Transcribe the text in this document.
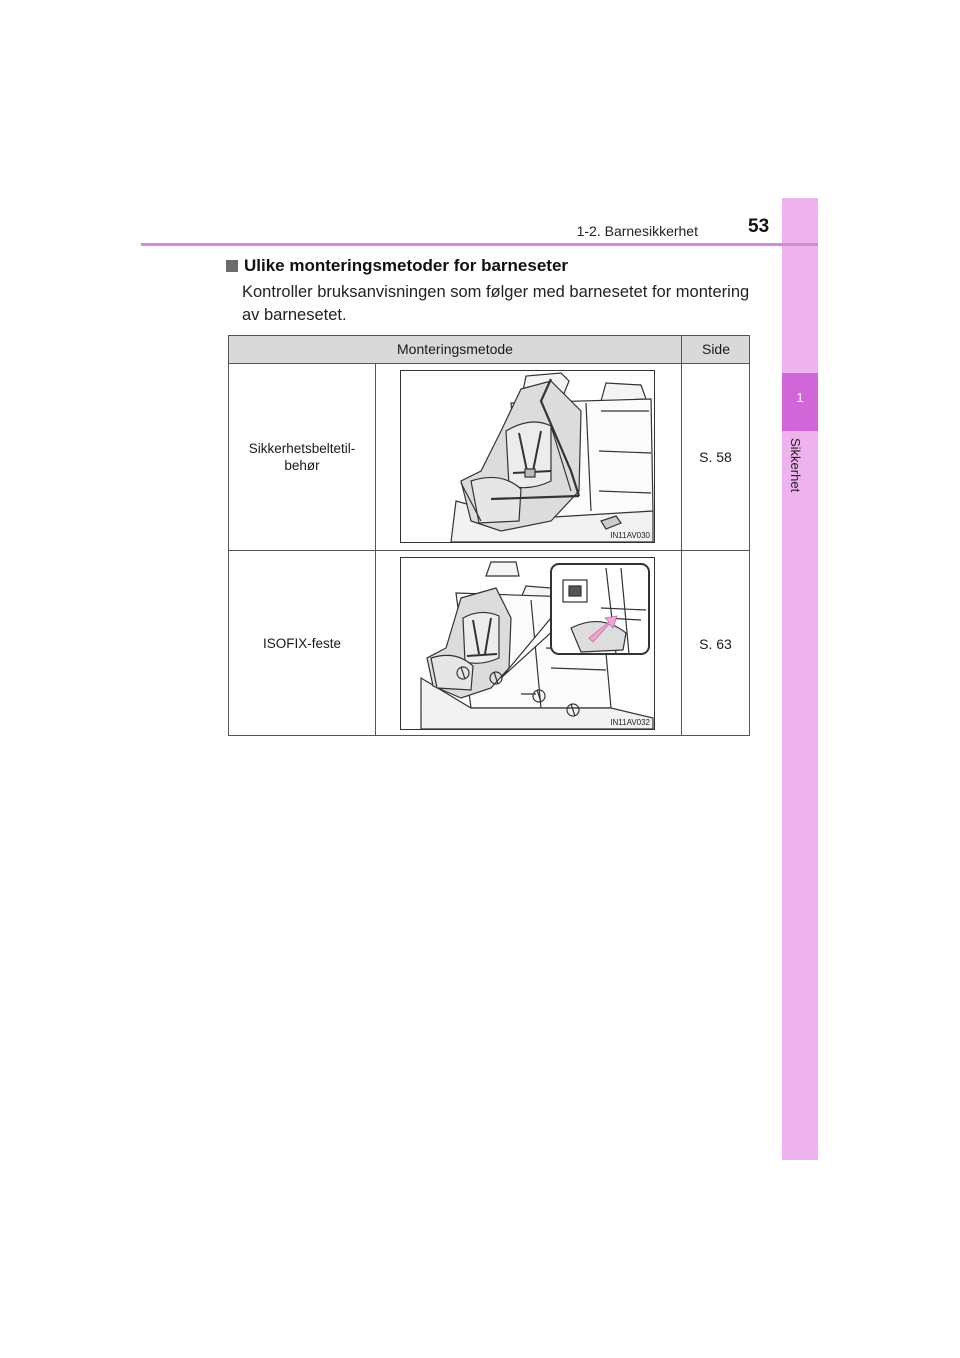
1
Sikkerhet
1-2. Barnesikkerhet	53
Ulike monteringsmetoder for barneseter
Kontroller bruksanvisningen som følger med barnesetet for montering av barnesetet.
Monteringsmetode	Side
Sikkerhetsbeltetil-
behør
IN11AV030
S. 58
ISOFIX-feste
IN11AV032
S. 63
